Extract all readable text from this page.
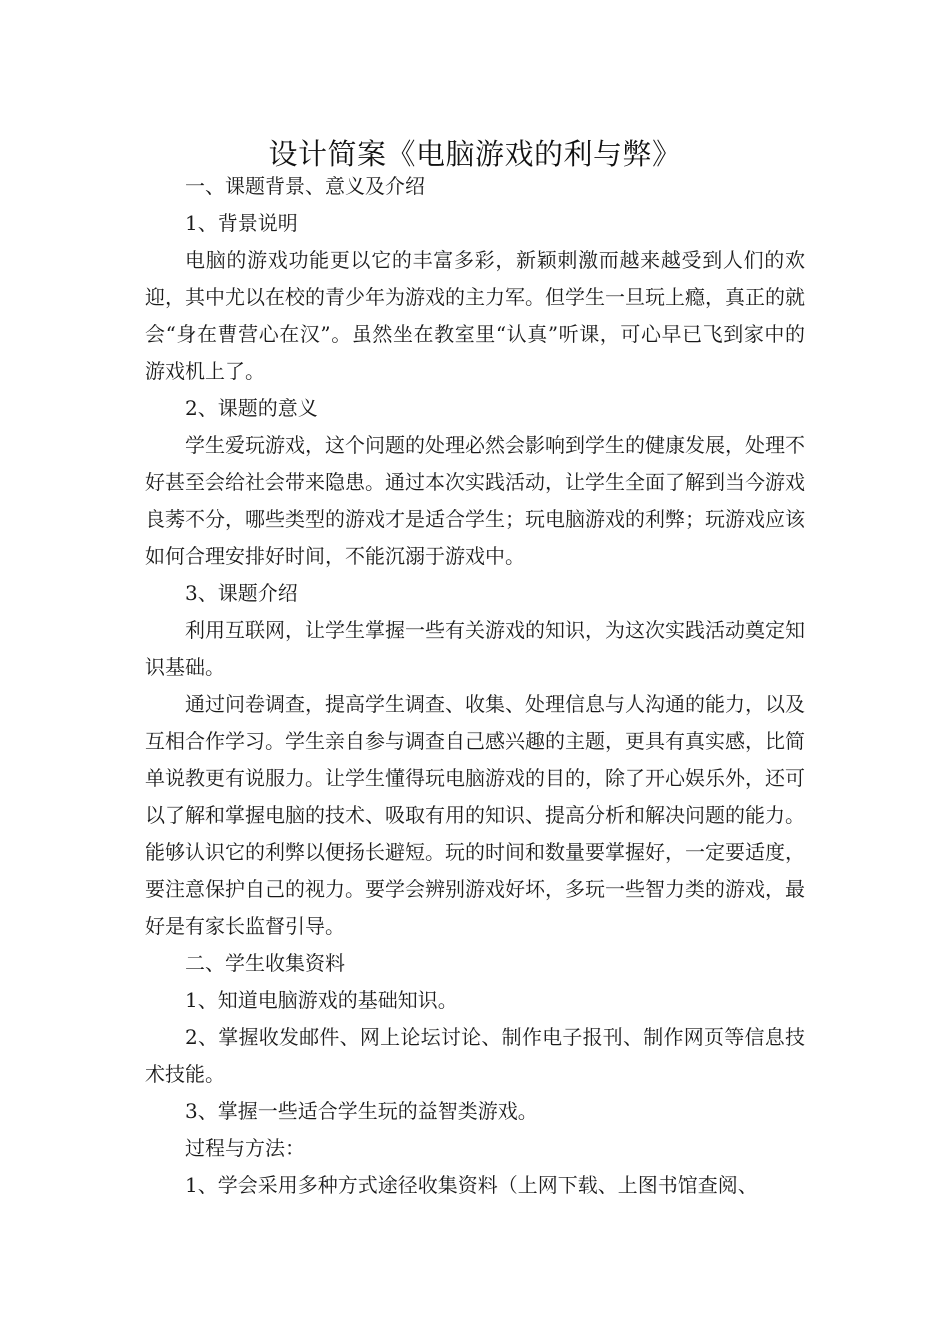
设计简案《电脑游戏的利与弊》

一、课题背景、意义及介绍

1、背景说明

电脑的游戏功能更以它的丰富多彩，新颖刺激而越来越受到人们的欢迎，其中尤以在校的青少年为游戏的主力军。但学生一旦玩上瘾，真正的就会“身在曹营心在汉”。虽然坐在教室里“认真”听课，可心早已飞到家中的游戏机上了。

2、课题的意义

学生爱玩游戏，这个问题的处理必然会影响到学生的健康发展，处理不好甚至会给社会带来隐患。通过本次实践活动，让学生全面了解到当今游戏良莠不分，哪些类型的游戏才是适合学生；玩电脑游戏的利弊；玩游戏应该如何合理安排好时间，不能沉溺于游戏中。

3、课题介绍

利用互联网，让学生掌握一些有关游戏的知识，为这次实践活动奠定知识基础。

通过问卷调查，提高学生调查、收集、处理信息与人沟通的能力，以及互相合作学习。学生亲自参与调查自己感兴趣的主题，更具有真实感，比简单说教更有说服力。让学生懂得玩电脑游戏的目的，除了开心娱乐外，还可以了解和掌握电脑的技术、吸取有用的知识、提高分析和解决问题的能力。能够认识它的利弊以便扬长避短。玩的时间和数量要掌握好，一定要适度，要注意保护自己的视力。要学会辨别游戏好坏，多玩一些智力类的游戏，最好是有家长监督引导。

二、学生收集资料

1、知道电脑游戏的基础知识。

2、掌握收发邮件、网上论坛讨论、制作电子报刊、制作网页等信息技术技能。

3、掌握一些适合学生玩的益智类游戏。

过程与方法：

1、学会采用多种方式途径收集资料（上网下载、上图书馆查阅、
